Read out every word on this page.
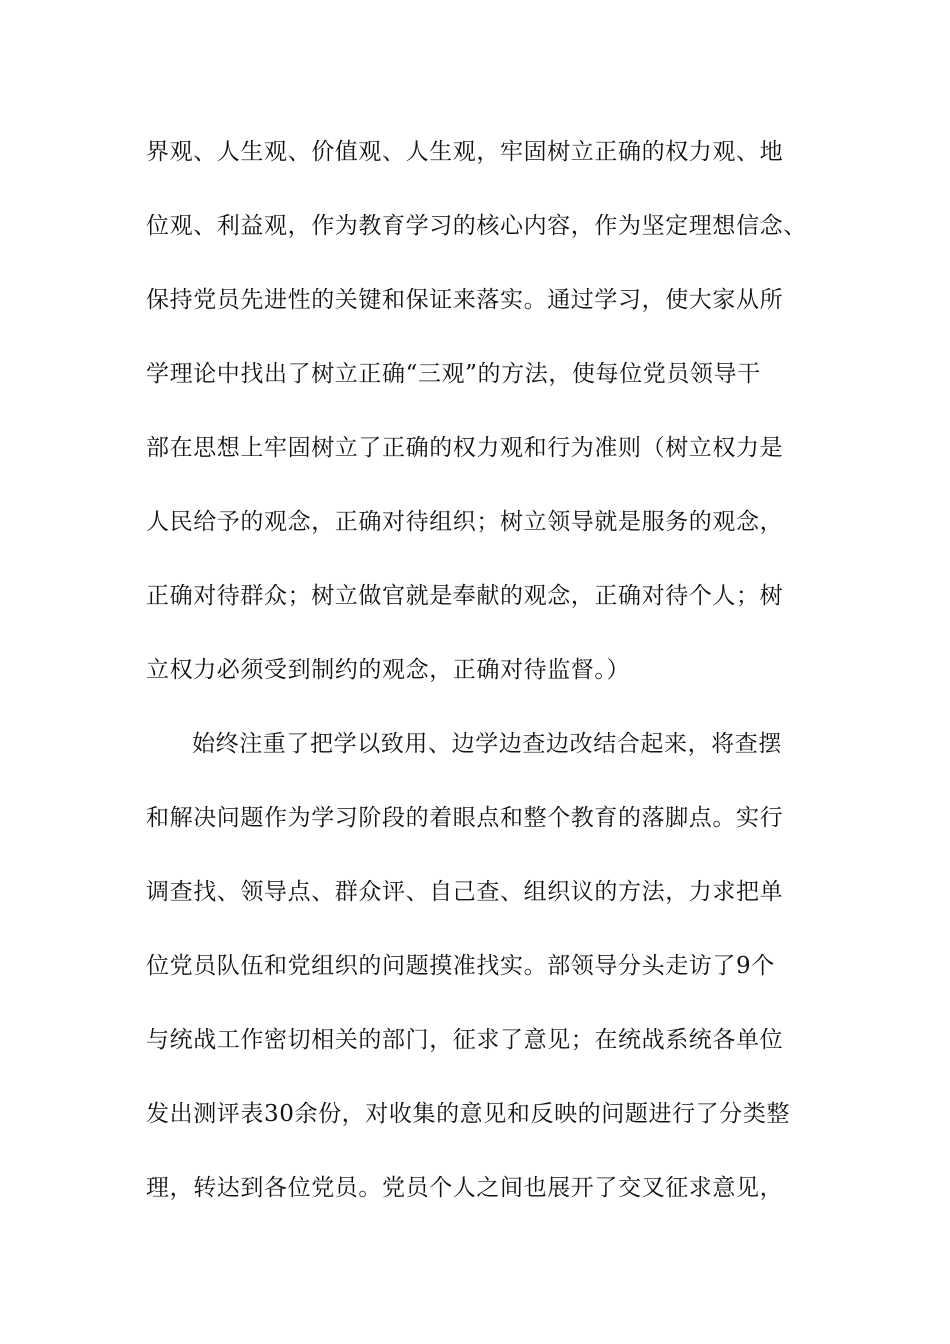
界观、人生观、价值观、人生观，牢固树立正确的权力观、地
位观、利益观，作为教育学习的核心内容，作为坚定理想信念、
保持党员先进性的关键和保证来落实。通过学习，使大家从所
学理论中找出了树立正确“三观”的方法，使每位党员领导干
部在思想上牢固树立了正确的权力观和行为准则（树立权力是
人民给予的观念，正确对待组织；树立领导就是服务的观念，
正确对待群众；树立做官就是奉献的观念，正确对待个人；树
立权力必须受到制约的观念，正确对待监督。）
始终注重了把学以致用、边学边查边改结合起来，将查摆
和解决问题作为学习阶段的着眼点和整个教育的落脚点。实行
调查找、领导点、群众评、自己查、组织议的方法，力求把单
位党员队伍和党组织的问题摸准找实。部领导分头走访了9个
与统战工作密切相关的部门，征求了意见；在统战系统各单位
发出测评表30余份，对收集的意见和反映的问题进行了分类整
理，转达到各位党员。党员个人之间也展开了交叉征求意见，
